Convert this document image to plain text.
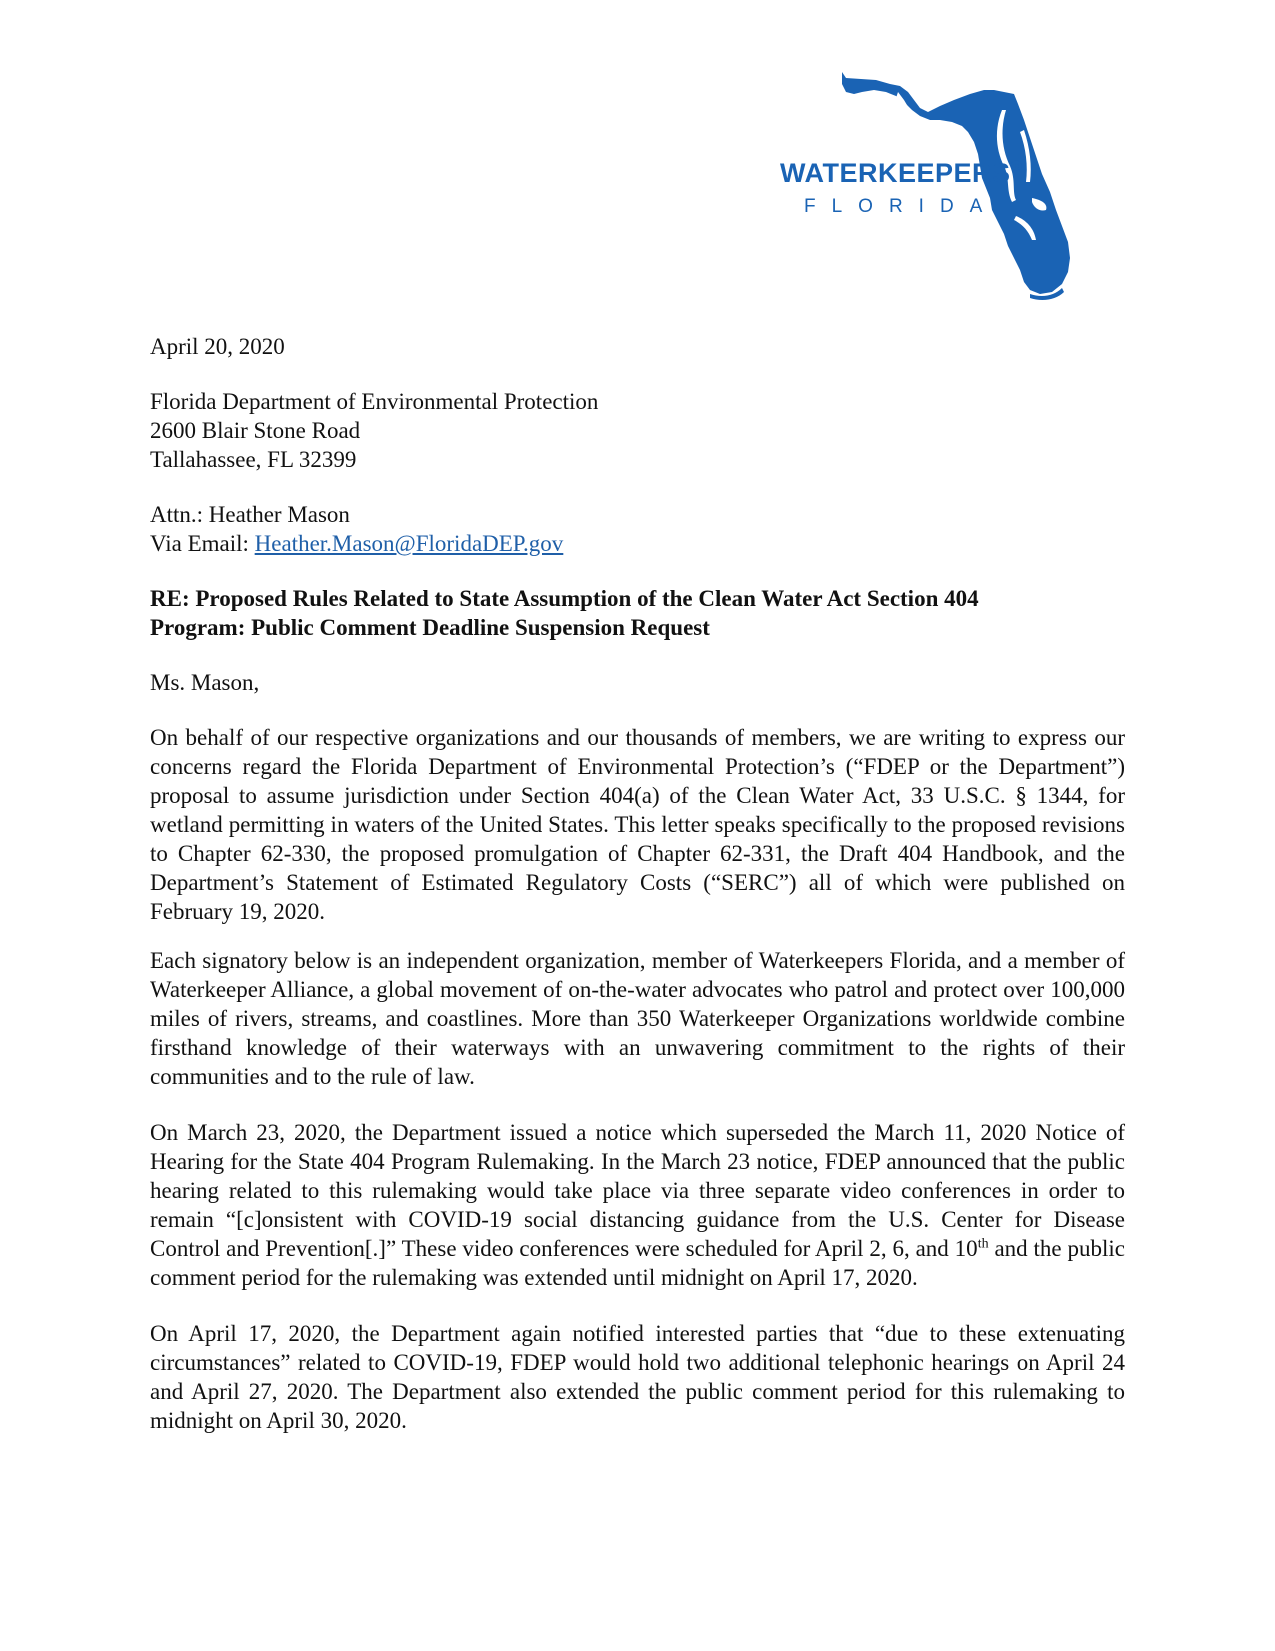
WATERKEEPERS®
FLORIDA

April 20, 2020

Florida Department of Environmental Protection

2600 Blair Stone Road

Tallahassee, FL 32399

Attn.: Heather Mason

Via Email: Heather.Mason@FloridaDEP.gov

RE: Proposed Rules Related to State Assumption of the Clean Water Act Section 404

Program: Public Comment Deadline Suspension Request

Ms. Mason,

On behalf of our respective organizations and our thousands of members, we are writing to express our concerns regard the Florida Department of Environmental Protection’s (“FDEP or the Department”) proposal to assume jurisdiction under Section 404(a) of the Clean Water Act, 33 U.S.C. § 1344, for wetland permitting in waters of the United States. This letter speaks specifically to the proposed revisions to Chapter 62-330, the proposed promulgation of Chapter 62-331, the Draft 404 Handbook, and the Department’s Statement of Estimated Regulatory Costs (“SERC”) all of which were published on February 19, 2020.

Each signatory below is an independent organization, member of Waterkeepers Florida, and a member of Waterkeeper Alliance, a global movement of on-the-water advocates who patrol and protect over 100,000 miles of rivers, streams, and coastlines. More than 350 Waterkeeper Organizations worldwide combine firsthand knowledge of their waterways with an unwavering commitment to the rights of their communities and to the rule of law.

On March 23, 2020, the Department issued a notice which superseded the March 11, 2020 Notice of Hearing for the State 404 Program Rulemaking. In the March 23 notice, FDEP announced that the public hearing related to this rulemaking would take place via three separate video conferences in order to remain “[c]onsistent with COVID-19 social distancing guidance from the U.S. Center for Disease Control and Prevention[.]” These video conferences were scheduled for April 2, 6, and 10th and the public comment period for the rulemaking was extended until midnight on April 17, 2020.

On April 17, 2020, the Department again notified interested parties that “due to these extenuating circumstances” related to COVID-19, FDEP would hold two additional telephonic hearings on April 24 and April 27, 2020. The Department also extended the public comment period for this rulemaking to midnight on April 30, 2020.
